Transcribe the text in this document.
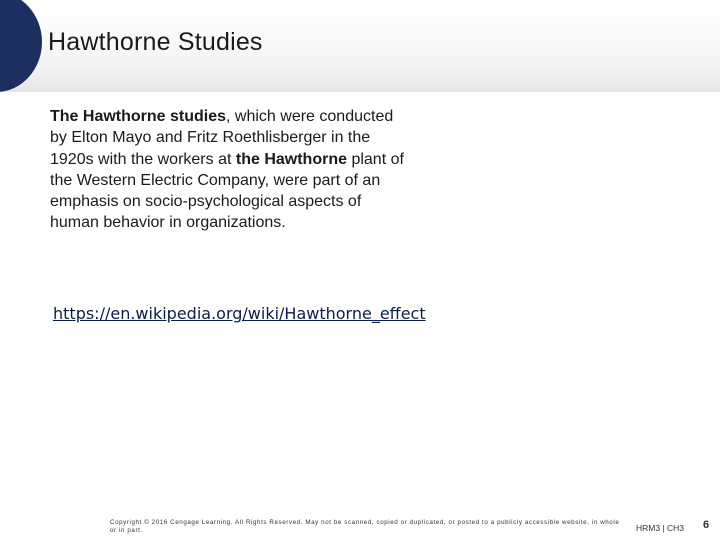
Hawthorne Studies
The Hawthorne studies, which were conducted by Elton Mayo and Fritz Roethlisberger in the 1920s with the workers at the Hawthorne plant of the Western Electric Company, were part of an emphasis on socio-psychological aspects of human behavior in organizations.
https://en.wikipedia.org/wiki/Hawthorne_effect
Copyright © 2016 Cengage Learning. All Rights Reserved. May not be scanned, copied or duplicated, or posted to a publicly accessible website, in whole or in part.	HRM3 | CH3 6
